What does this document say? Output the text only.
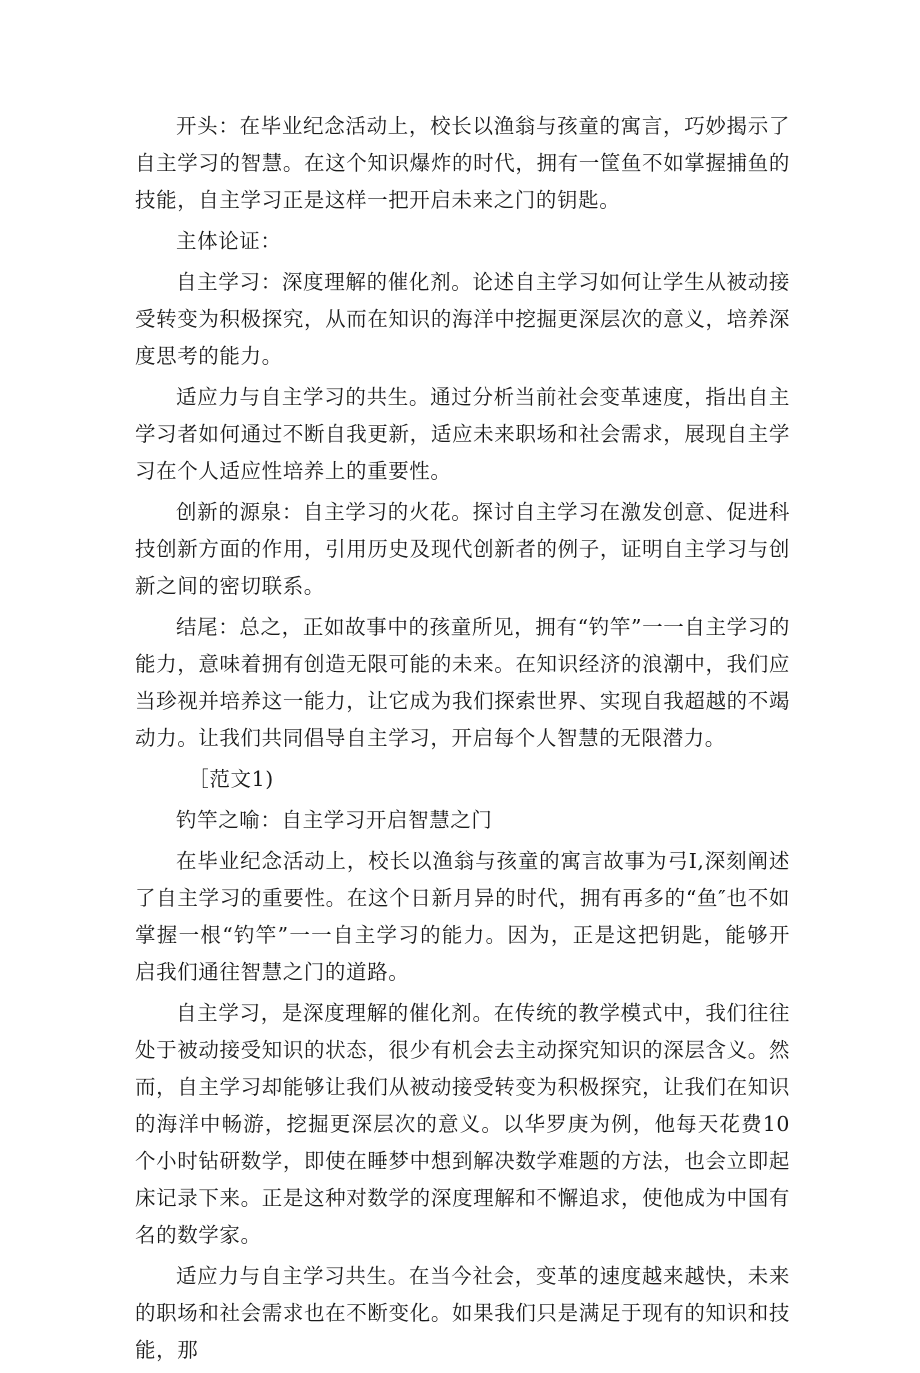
开头：在毕业纪念活动上，校长以渔翁与孩童的寓言，巧妙揭示了自主学习的智慧。在这个知识爆炸的时代，拥有一筐鱼不如掌握捕鱼的技能，自主学习正是这样一把开启未来之门的钥匙。

主体论证：

自主学习：深度理解的催化剂。论述自主学习如何让学生从被动接受转变为积极探究，从而在知识的海洋中挖掘更深层次的意义，培养深度思考的能力。

适应力与自主学习的共生。通过分析当前社会变革速度，指出自主学习者如何通过不断自我更新，适应未来职场和社会需求，展现自主学习在个人适应性培养上的重要性。

创新的源泉：自主学习的火花。探讨自主学习在激发创意、促进科技创新方面的作用，引用历史及现代创新者的例子，证明自主学习与创新之间的密切联系。

结尾：总之，正如故事中的孩童所见，拥有“钓竿”一一自主学习的能力，意味着拥有创造无限可能的未来。在知识经济的浪潮中，我们应当珍视并培养这一能力，让它成为我们探索世界、实现自我超越的不竭动力。让我们共同倡导自主学习，开启每个人智慧的无限潜力。

［范文1)

钓竿之喻：自主学习开启智慧之门

在毕业纪念活动上，校长以渔翁与孩童的寓言故事为弓I,深刻阐述了自主学习的重要性。在这个日新月异的时代，拥有再多的“鱼″也不如掌握一根“钓竿”一一自主学习的能力。因为，正是这把钥匙，能够开启我们通往智慧之门的道路。

自主学习，是深度理解的催化剂。在传统的教学模式中，我们往往处于被动接受知识的状态，很少有机会去主动探究知识的深层含义。然而，自主学习却能够让我们从被动接受转变为积极探究，让我们在知识的海洋中畅游，挖掘更深层次的意义。以华罗庚为例，他每天花费10个小时钻研数学，即使在睡梦中想到解决数学难题的方法，也会立即起床记录下来。正是这种对数学的深度理解和不懈追求，使他成为中国有名的数学家。

适应力与自主学习共生。在当今社会，变革的速度越来越快，未来的职场和社会需求也在不断变化。如果我们只是满足于现有的知识和技能，那
